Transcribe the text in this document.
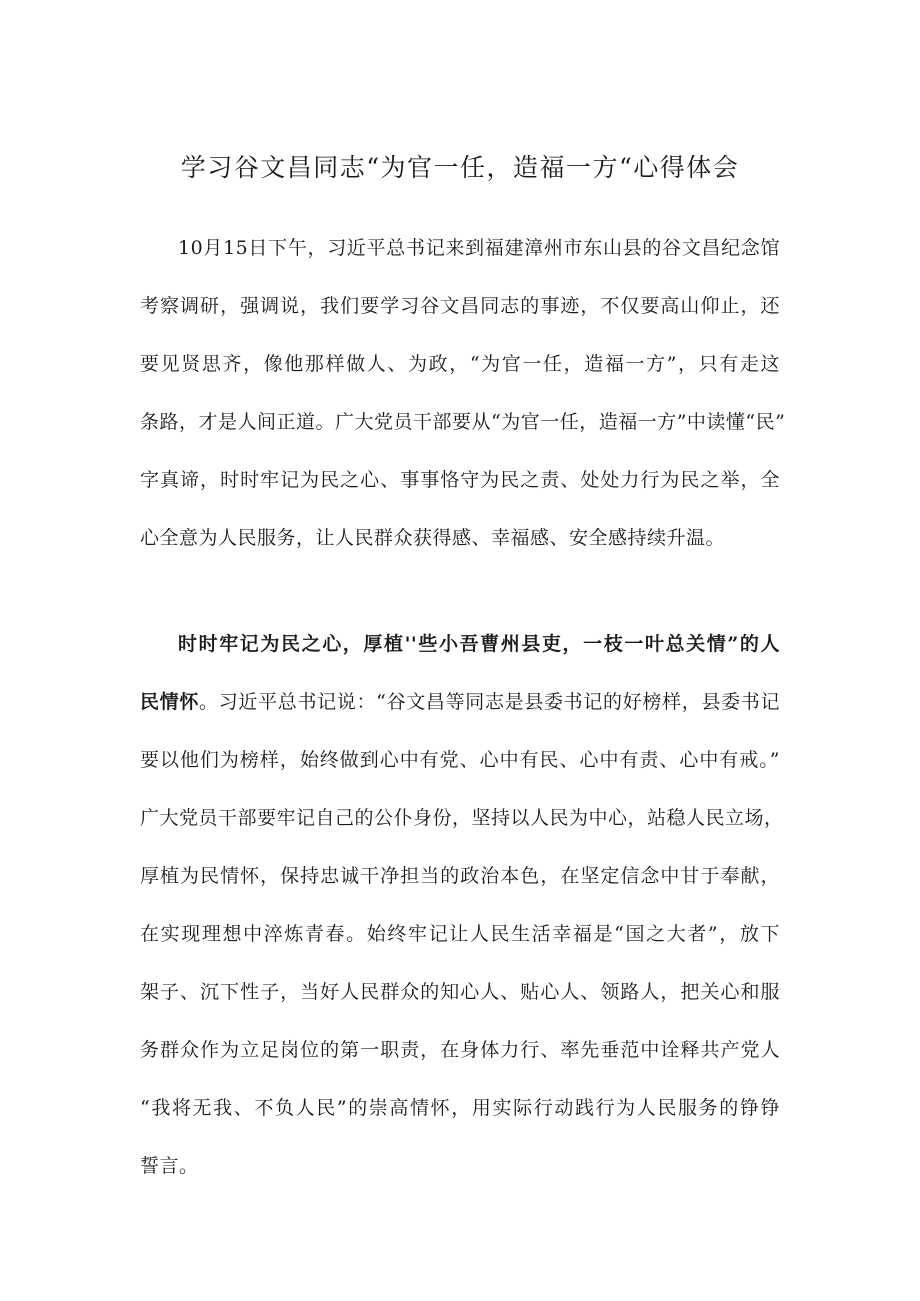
学习谷文昌同志“为官一任，造福一方“心得体会
10月15日下午，习近平总书记来到福建漳州市东山县的谷文昌纪念馆
考察调研，强调说，我们要学习谷文昌同志的事迹，不仅要高山仰止，还
要见贤思齐，像他那样做人、为政，“为官一任，造福一方”，只有走这
条路，才是人间正道。广大党员干部要从“为官一任，造福一方”中读懂“民”
字真谛，时时牢记为民之心、事事恪守为民之责、处处力行为民之举，全
心全意为人民服务，让人民群众获得感、幸福感、安全感持续升温。
时时牢记为民之心，厚植''些小吾曹州县吏，一枝一叶总关情”的人
民情怀。习近平总书记说：“谷文昌等同志是县委书记的好榜样，县委书记
要以他们为榜样，始终做到心中有党、心中有民、心中有责、心中有戒。”
广大党员干部要牢记自己的公仆身份，坚持以人民为中心，站稳人民立场，
厚植为民情怀，保持忠诚干净担当的政治本色，在坚定信念中甘于奉献，
在实现理想中淬炼青春。始终牢记让人民生活幸福是“国之大者”，放下
架子、沉下性子，当好人民群众的知心人、贴心人、领路人，把关心和服
务群众作为立足岗位的第一职责，在身体力行、率先垂范中诠释共产党人
“我将无我、不负人民”的崇高情怀，用实际行动践行为人民服务的铮铮
誓言。
